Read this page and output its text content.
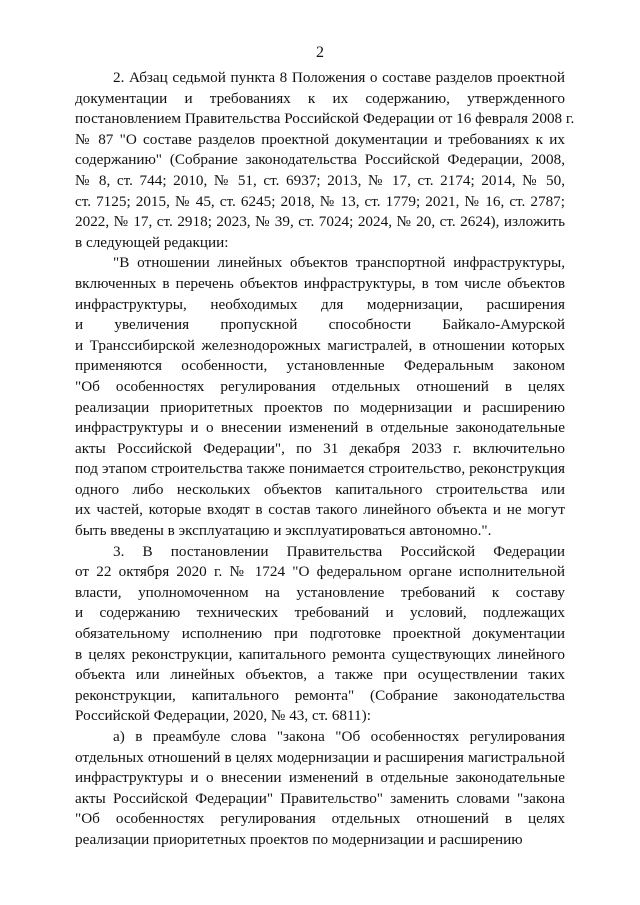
2

2. Абзац седьмой пункта 8 Положения о составе разделов проектной
документации и требованиях к их содержанию, утвержденного
постановлением Правительства Российской Федерации от 16 февраля 2008 г.
№ 87 "О составе разделов проектной документации и требованиях к их
содержанию" (Собрание законодательства Российской Федерации, 2008,
№ 8, ст. 744; 2010, № 51, ст. 6937; 2013, № 17, ст. 2174; 2014, № 50,
ст. 7125; 2015, № 45, ст. 6245; 2018, № 13, ст. 1779; 2021, № 16, ст. 2787;
2022, № 17, ст. 2918; 2023, № 39, ст. 7024; 2024, № 20, ст. 2624), изложить
в следующей редакции:

"В отношении линейных объектов транспортной инфраструктуры,
включенных в перечень объектов инфраструктуры, в том числе объектов
инфраструктуры, необходимых для модернизации, расширения
и увеличения пропускной способности Байкало-Амурской
и Транссибирской железнодорожных магистралей, в отношении которых
применяются особенности, установленные Федеральным законом
"Об особенностях регулирования отдельных отношений в целях
реализации приоритетных проектов по модернизации и расширению
инфраструктуры и о внесении изменений в отдельные законодательные
акты Российской Федерации", по 31 декабря 2033 г. включительно
под этапом строительства также понимается строительство, реконструкция
одного либо нескольких объектов капитального строительства или
их частей, которые входят в состав такого линейного объекта и не могут
быть введены в эксплуатацию и эксплуатироваться автономно.".

3. В постановлении Правительства Российской Федерации
от 22 октября 2020 г. № 1724 "О федеральном органе исполнительной
власти, уполномоченном на установление требований к составу
и содержанию технических требований и условий, подлежащих
обязательному исполнению при подготовке проектной документации
в целях реконструкции, капитального ремонта существующих линейного
объекта или линейных объектов, а также при осуществлении таких
реконструкции, капитального ремонта" (Собрание законодательства
Российской Федерации, 2020, № 43, ст. 6811):

а) в преамбуле слова "закона "Об особенностях регулирования
отдельных отношений в целях модернизации и расширения магистральной
инфраструктуры и о внесении изменений в отдельные законодательные
акты Российской Федерации" Правительство" заменить словами "закона
"Об особенностях регулирования отдельных отношений в целях
реализации приоритетных проектов по модернизации и расширению
